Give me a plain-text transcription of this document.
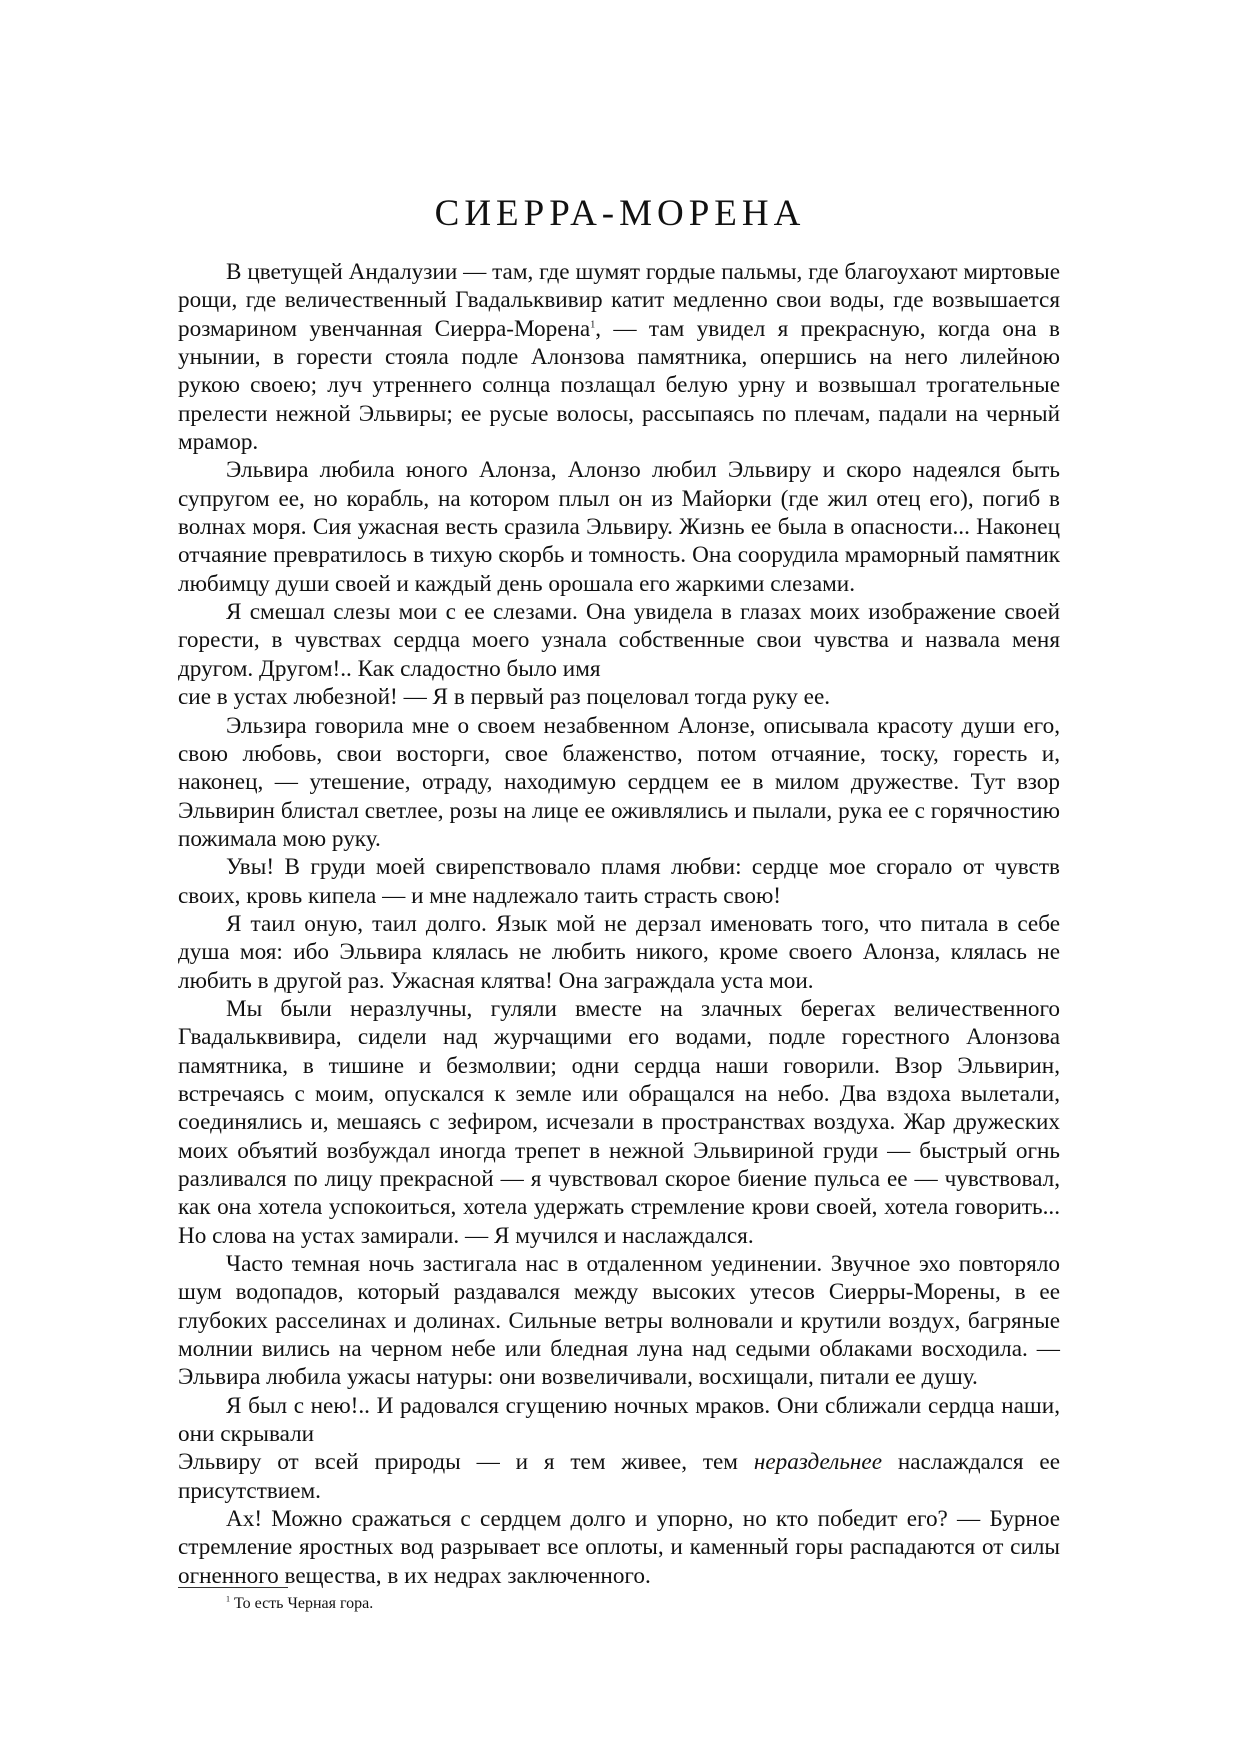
СИЕРРА-МОРЕНА

В цветущей Андалузии — там, где шумят гордые пальмы, где благоухают миртовые рощи, где величественный Гвадальквивир катит медленно свои воды, где возвышается розмарином увенчанная Сиерра-Морена$^1$, — там увидел я прекрасную, когда она в унынии, в горести стояла подле Алонзова памятника, опершись на него лилейною рукою своею; луч утреннего солнца позлащал белую урну и возвышал трогательные прелести нежной Эльвиры; ее русые волосы, рассыпаясь по плечам, падали на черный мрамор.

Эльвира любила юного Алонза, Алонзо любил Эльвиру и скоро надеялся быть супругом ее, но корабль, на котором плыл он из Майорки (где жил отец его), погиб в волнах моря. Сия ужасная весть сразила Эльвиру. Жизнь ее была в опасности... Наконец отчаяние превратилось в тихую скорбь и томность. Она соорудила мраморный памятник любимцу души своей и каждый день орошала его жаркими слезами.

Я смешал слезы мои с ее слезами. Она увидела в глазах моих изображение своей горести, в чувствах сердца моего узнала собственные свои чувства и назвала меня другом. Другом!.. Как сладостно было имя

сие в устах любезной! — Я в первый раз поцеловал тогда руку ее.

Эльзира говорила мне о своем незабвенном Алонзе, описывала красоту души его, свою любовь, свои восторги, свое блаженство, потом отчаяние, тоску, горесть и, наконец, — утешение, отраду, находимую сердцем ее в милом дружестве. Тут взор Эльвирин блистал светлее, розы на лице ее оживлялись и пылали, рука ее с горячностию пожимала мою руку.

Увы! В груди моей свирепствовало пламя любви: сердце мое сгорало от чувств своих, кровь кипела — и мне надлежало таить страсть свою!

Я таил оную, таил долго. Язык мой не дерзал именовать того, что питала в себе душа моя: ибо Эльвира клялась не любить никого, кроме своего Алонза, клялась не любить в другой раз. Ужасная клятва! Она заграждала уста мои.

Мы были неразлучны, гуляли вместе на злачных берегах величественного Гвадальквивира, сидели над журчащими его водами, подле горестного Алонзова памятника, в тишине и безмолвии; одни сердца наши говорили. Взор Эльвирин, встречаясь с моим, опускался к земле или обращался на небо. Два вздоха вылетали, соединялись и, мешаясь с зефиром, исчезали в пространствах воздуха. Жар дружеских моих объятий возбуждал иногда трепет в нежной Эльвириной груди — быстрый огнь разливался по лицу прекрасной — я чувствовал скорое биение пульса ее — чувствовал, как она хотела успокоиться, хотела удержать стремление крови своей, хотела говорить... Но слова на устах замирали. — Я мучился и наслаждался.

Часто темная ночь застигала нас в отдаленном уединении. Звучное эхо повторяло шум водопадов, который раздавался между высоких утесов Сиерры-Морены, в ее глубоких расселинах и долинах. Сильные ветры волновали и крутили воздух, багряные молнии вились на черном небе или бледная луна над седыми облаками восходила. — Эльвира любила ужасы натуры: они возвеличивали, восхищали, питали ее душу.

Я был с нею!.. И радовался сгущению ночных мраков. Они сближали сердца наши, они скрывали

Эльвиру от всей природы — и я тем живее, тем нераздельнее наслаждался ее присутствием.

Ах! Можно сражаться с сердцем долго и упорно, но кто победит его? — Бурное стремление яростных вод разрывает все оплоты, и каменный горы распадаются от силы огненного вещества, в их недрах заключенного.

$^1$ То есть Черная гора.
